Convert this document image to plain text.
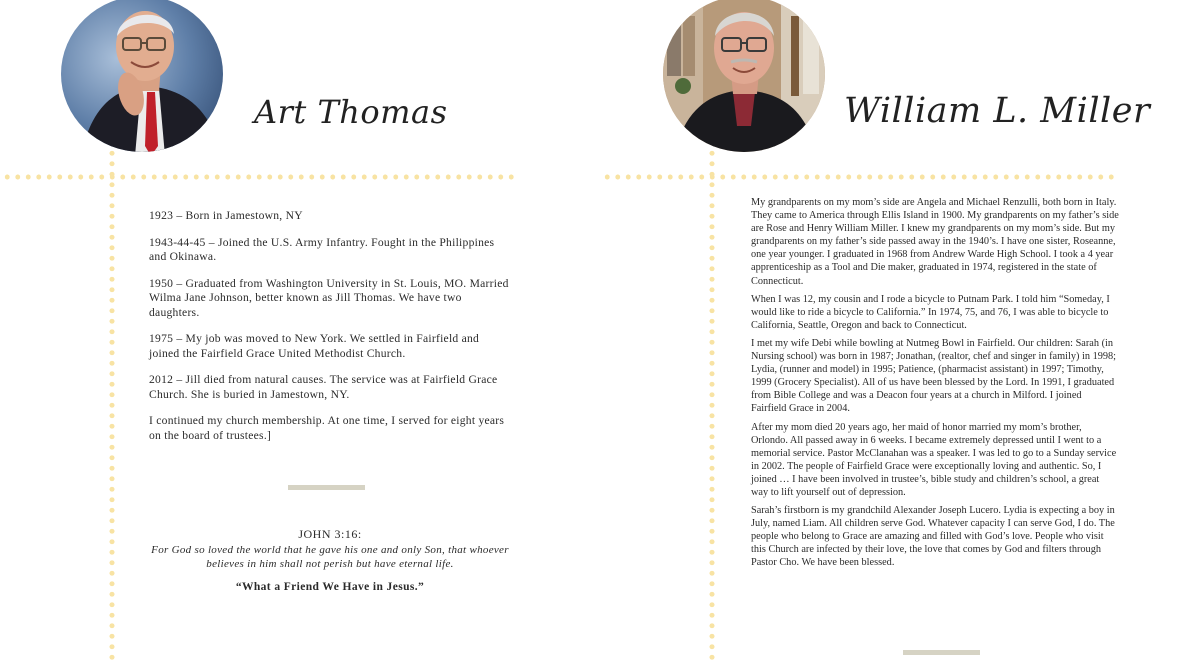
Art Thomas

1923 – Born in Jamestown, NY

1943-44-45 – Joined the U.S. Army Infantry. Fought in the Philippines and Okinawa.

1950 – Graduated from Washington University in St. Louis, MO. Married Wilma Jane Johnson, better known as Jill Thomas. We have two daughters.

1975 – My job was moved to New York. We settled in Fairfield and joined the Fairfield Grace United Methodist Church.

2012 – Jill died from natural causes. The service was at Fairfield Grace Church. She is buried in Jamestown, NY.

I continued my church membership. At one time, I served for eight years on the board of trustees.]

JOHN 3:16:
For God so loved the world that he gave his one and only Son, that whoever
believes in him shall not perish but have eternal life.
“What a Friend We Have in Jesus.”
William L. Miller

My grandparents on my mom’s side are Angela and Michael Renzulli, both born in Italy. They came to America through Ellis Island in 1900. My grandparents on my father’s side are Rose and Henry William Miller. I knew my grandparents on my mom’s side. But my grandparents on my father’s side passed away in the 1940’s. I have one sister, Roseanne, one year younger. I graduated in 1968 from Andrew Warde High School. I took a 4 year apprenticeship as a Tool and Die maker, graduated in 1974, registered in the state of Connecticut.

When I was 12, my cousin and I rode a bicycle to Putnam Park. I told him “Someday, I would like to ride a bicycle to California.” In 1974, 75, and 76, I was able to bicycle to California, Seattle, Oregon and back to Connecticut.

I met my wife Debi while bowling at Nutmeg Bowl in Fairfield. Our children: Sarah (in Nursing school) was born in 1987; Jonathan, (realtor, chef and singer in family) in 1998; Lydia, (runner and model) in 1995; Patience, (pharmacist assistant) in 1997; Timothy, 1999 (Grocery Specialist). All of us have been blessed by the Lord. In 1991, I graduated from Bible College and was a Deacon four years at a church in Milford. I joined Fairfield Grace in 2004.

After my mom died 20 years ago, her maid of honor married my mom’s brother, Orlondo. All passed away in 6 weeks. I became extremely depressed until I went to a memorial service. Pastor McClanahan was a speaker. I was led to go to a Sunday service in 2002. The people of Fairfield Grace were exceptionally loving and authentic. So, I joined … I have been involved in trustee’s, bible study and children’s school, a great way to lift yourself out of depression.

Sarah’s firstborn is my grandchild Alexander Joseph Lucero. Lydia is expecting a boy in July, named Liam. All children serve God. Whatever capacity I can serve God, I do. The people who belong to Grace are amazing and filled with God’s love. People who visit this Church are infected by their love, the love that comes by God and filters through Pastor Cho. We have been blessed.
